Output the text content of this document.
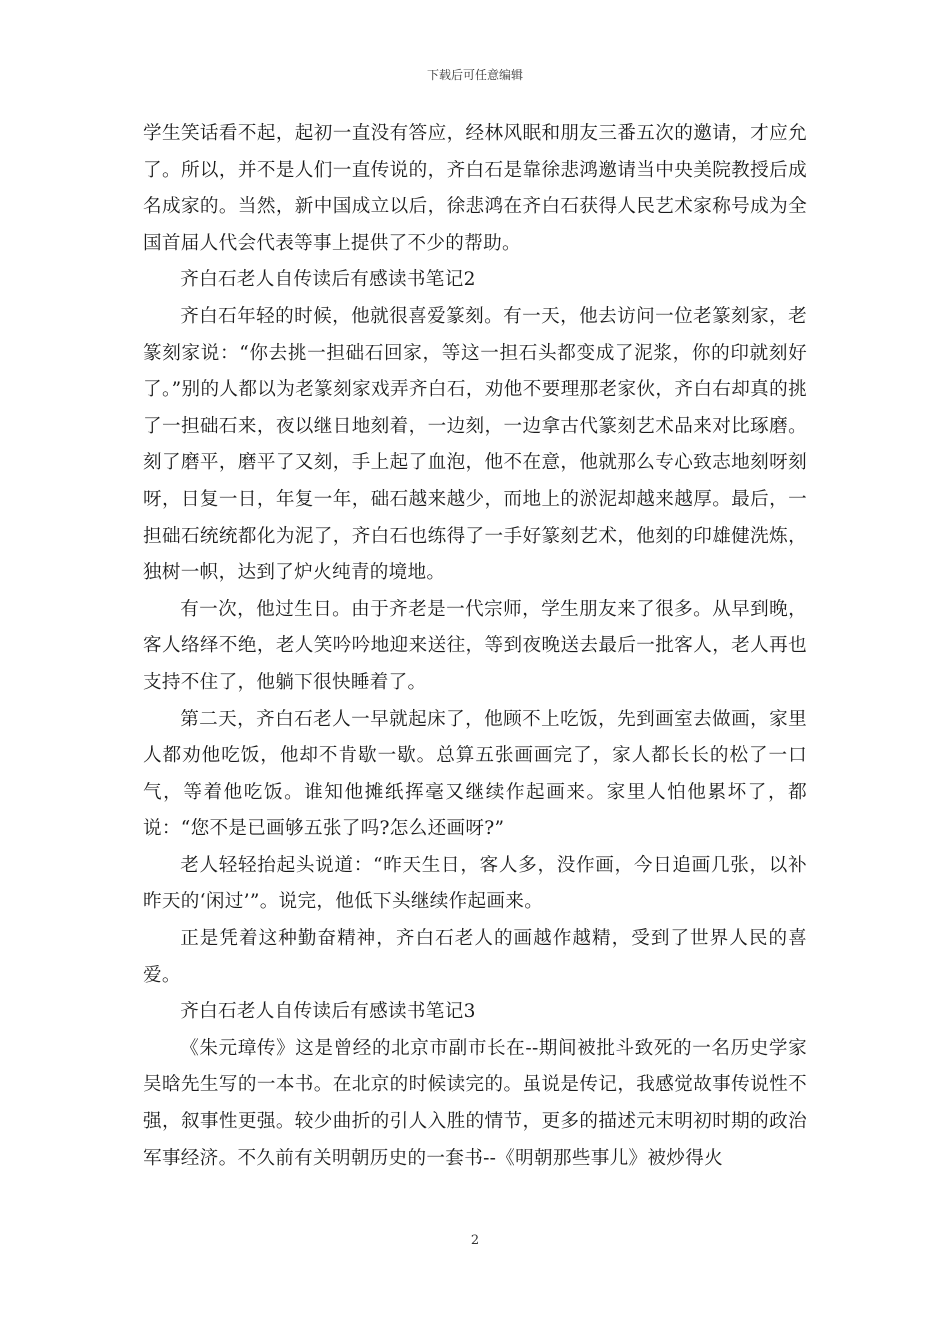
下载后可任意编辑

学生笑话看不起，起初一直没有答应，经林风眠和朋友三番五次的邀请，才应允了。所以，并不是人们一直传说的，齐白石是靠徐悲鸿邀请当中央美院教授后成名成家的。当然，新中国成立以后，徐悲鸿在齐白石获得人民艺术家称号成为全国首届人代会代表等事上提供了不少的帮助。

齐白石老人自传读后有感读书笔记2

齐白石年轻的时候，他就很喜爱篆刻。有一天，他去访问一位老篆刻家，老篆刻家说：“你去挑一担础石回家，等这一担石头都变成了泥浆，你的印就刻好了。”别的人都以为老篆刻家戏弄齐白石，劝他不要理那老家伙，齐白右却真的挑了一担础石来，夜以继日地刻着，一边刻，一边拿古代篆刻艺术品来对比琢磨。刻了磨平，磨平了又刻，手上起了血泡，他不在意，他就那么专心致志地刻呀刻呀，日复一日，年复一年，础石越来越少，而地上的淤泥却越来越厚。最后，一担础石统统都化为泥了，齐白石也练得了一手好篆刻艺术，他刻的印雄健洗炼，独树一帜，达到了炉火纯青的境地。

有一次，他过生日。由于齐老是一代宗师，学生朋友来了很多。从早到晚，客人络绎不绝，老人笑吟吟地迎来送往，等到夜晚送去最后一批客人，老人再也支持不住了，他躺下很快睡着了。

第二天，齐白石老人一早就起床了，他顾不上吃饭，先到画室去做画，家里人都劝他吃饭，他却不肯歇一歇。总算五张画画完了，家人都长长的松了一口气，等着他吃饭。谁知他摊纸挥毫又继续作起画来。家里人怕他累坏了，都说：“您不是已画够五张了吗?怎么还画呀?”

老人轻轻抬起头说道：“昨天生日，客人多，没作画，今日追画几张，以补昨天的‘闲过’”。说完，他低下头继续作起画来。

正是凭着这种勤奋精神，齐白石老人的画越作越精，受到了世界人民的喜爱。

齐白石老人自传读后有感读书笔记3

《朱元璋传》这是曾经的北京市副市长在--期间被批斗致死的一名历史学家吴晗先生写的一本书。在北京的时候读完的。虽说是传记，我感觉故事传说性不强，叙事性更强。较少曲折的引人入胜的情节，更多的描述元末明初时期的政治军事经济。不久前有关明朝历史的一套书--《明朝那些事儿》被炒得火

2
